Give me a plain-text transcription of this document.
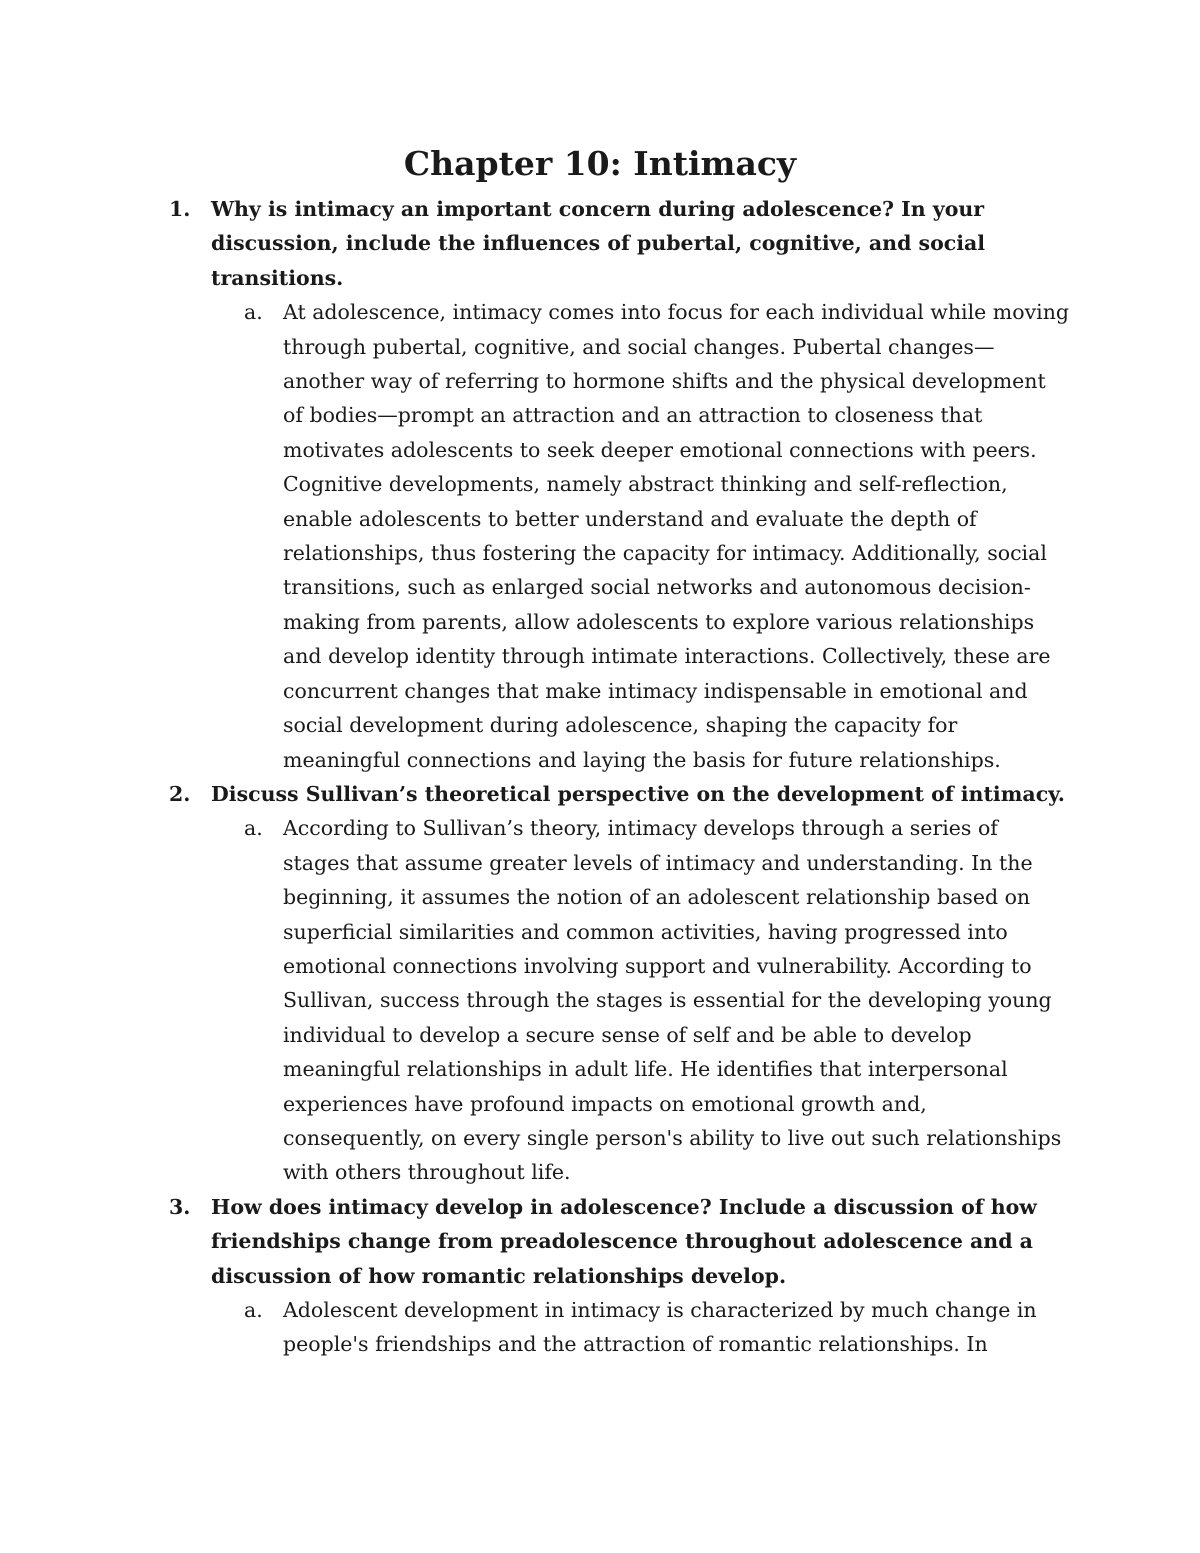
Chapter 10: Intimacy
1. Why is intimacy an important concern during adolescence? In your discussion, include the influences of pubertal, cognitive, and social transitions.

a. At adolescence, intimacy comes into focus for each individual while moving through pubertal, cognitive, and social changes. Pubertal changes—another way of referring to hormone shifts and the physical development of bodies—prompt an attraction and an attraction to closeness that motivates adolescents to seek deeper emotional connections with peers. Cognitive developments, namely abstract thinking and self-reflection, enable adolescents to better understand and evaluate the depth of relationships, thus fostering the capacity for intimacy. Additionally, social transitions, such as enlarged social networks and autonomous decision-making from parents, allow adolescents to explore various relationships and develop identity through intimate interactions. Collectively, these are concurrent changes that make intimacy indispensable in emotional and social development during adolescence, shaping the capacity for meaningful connections and laying the basis for future relationships.

2. Discuss Sullivan’s theoretical perspective on the development of intimacy.

a. According to Sullivan’s theory, intimacy develops through a series of stages that assume greater levels of intimacy and understanding. In the beginning, it assumes the notion of an adolescent relationship based on superficial similarities and common activities, having progressed into emotional connections involving support and vulnerability. According to Sullivan, success through the stages is essential for the developing young individual to develop a secure sense of self and be able to develop meaningful relationships in adult life. He identifies that interpersonal experiences have profound impacts on emotional growth and, consequently, on every single person's ability to live out such relationships with others throughout life.

3. How does intimacy develop in adolescence? Include a discussion of how friendships change from preadolescence throughout adolescence and a discussion of how romantic relationships develop.

a. Adolescent development in intimacy is characterized by much change in people's friendships and the attraction of romantic relationships. In
